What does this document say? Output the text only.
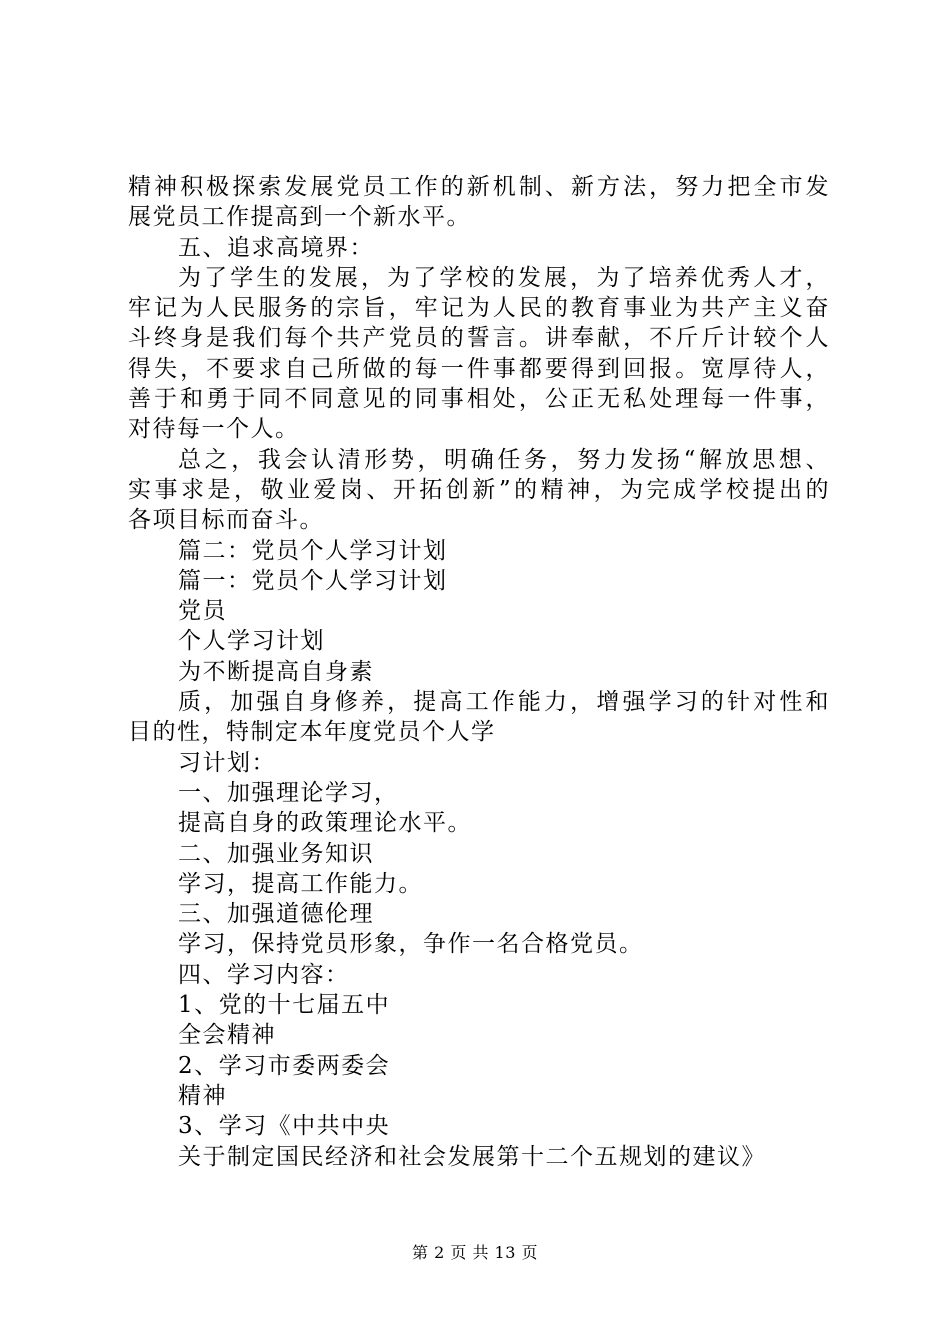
精神积极探索发展党员工作的新机制、新方法，努力把全市发
展党员工作提高到一个新水平。
五、追求高境界：
为了学生的发展，为了学校的发展，为了培养优秀人才，
牢记为人民服务的宗旨，牢记为人民的教育事业为共产主义奋
斗终身是我们每个共产党员的誓言。讲奉献，不斤斤计较个人
得失，不要求自己所做的每一件事都要得到回报。宽厚待人，
善于和勇于同不同意见的同事相处，公正无私处理每一件事，
对待每一个人。
总之，我会认清形势，明确任务，努力发扬“解放思想、
实事求是，敬业爱岗、开拓创新”的精神，为完成学校提出的
各项目标而奋斗。
篇二：党员个人学习计划
篇一：党员个人学习计划
党员
个人学习计划
为不断提高自身素
质，加强自身修养，提高工作能力，增强学习的针对性和
目的性，特制定本年度党员个人学
习计划：
一、加强理论学习，
提高自身的政策理论水平。
二、加强业务知识
学习，提高工作能力。
三、加强道德伦理
学习，保持党员形象，争作一名合格党员。
四、学习内容：
1、党的十七届五中
全会精神
2、学习市委两委会
精神
3、学习《中共中央
关于制定国民经济和社会发展第十二个五规划的建议》
第 2 页 共 13 页
